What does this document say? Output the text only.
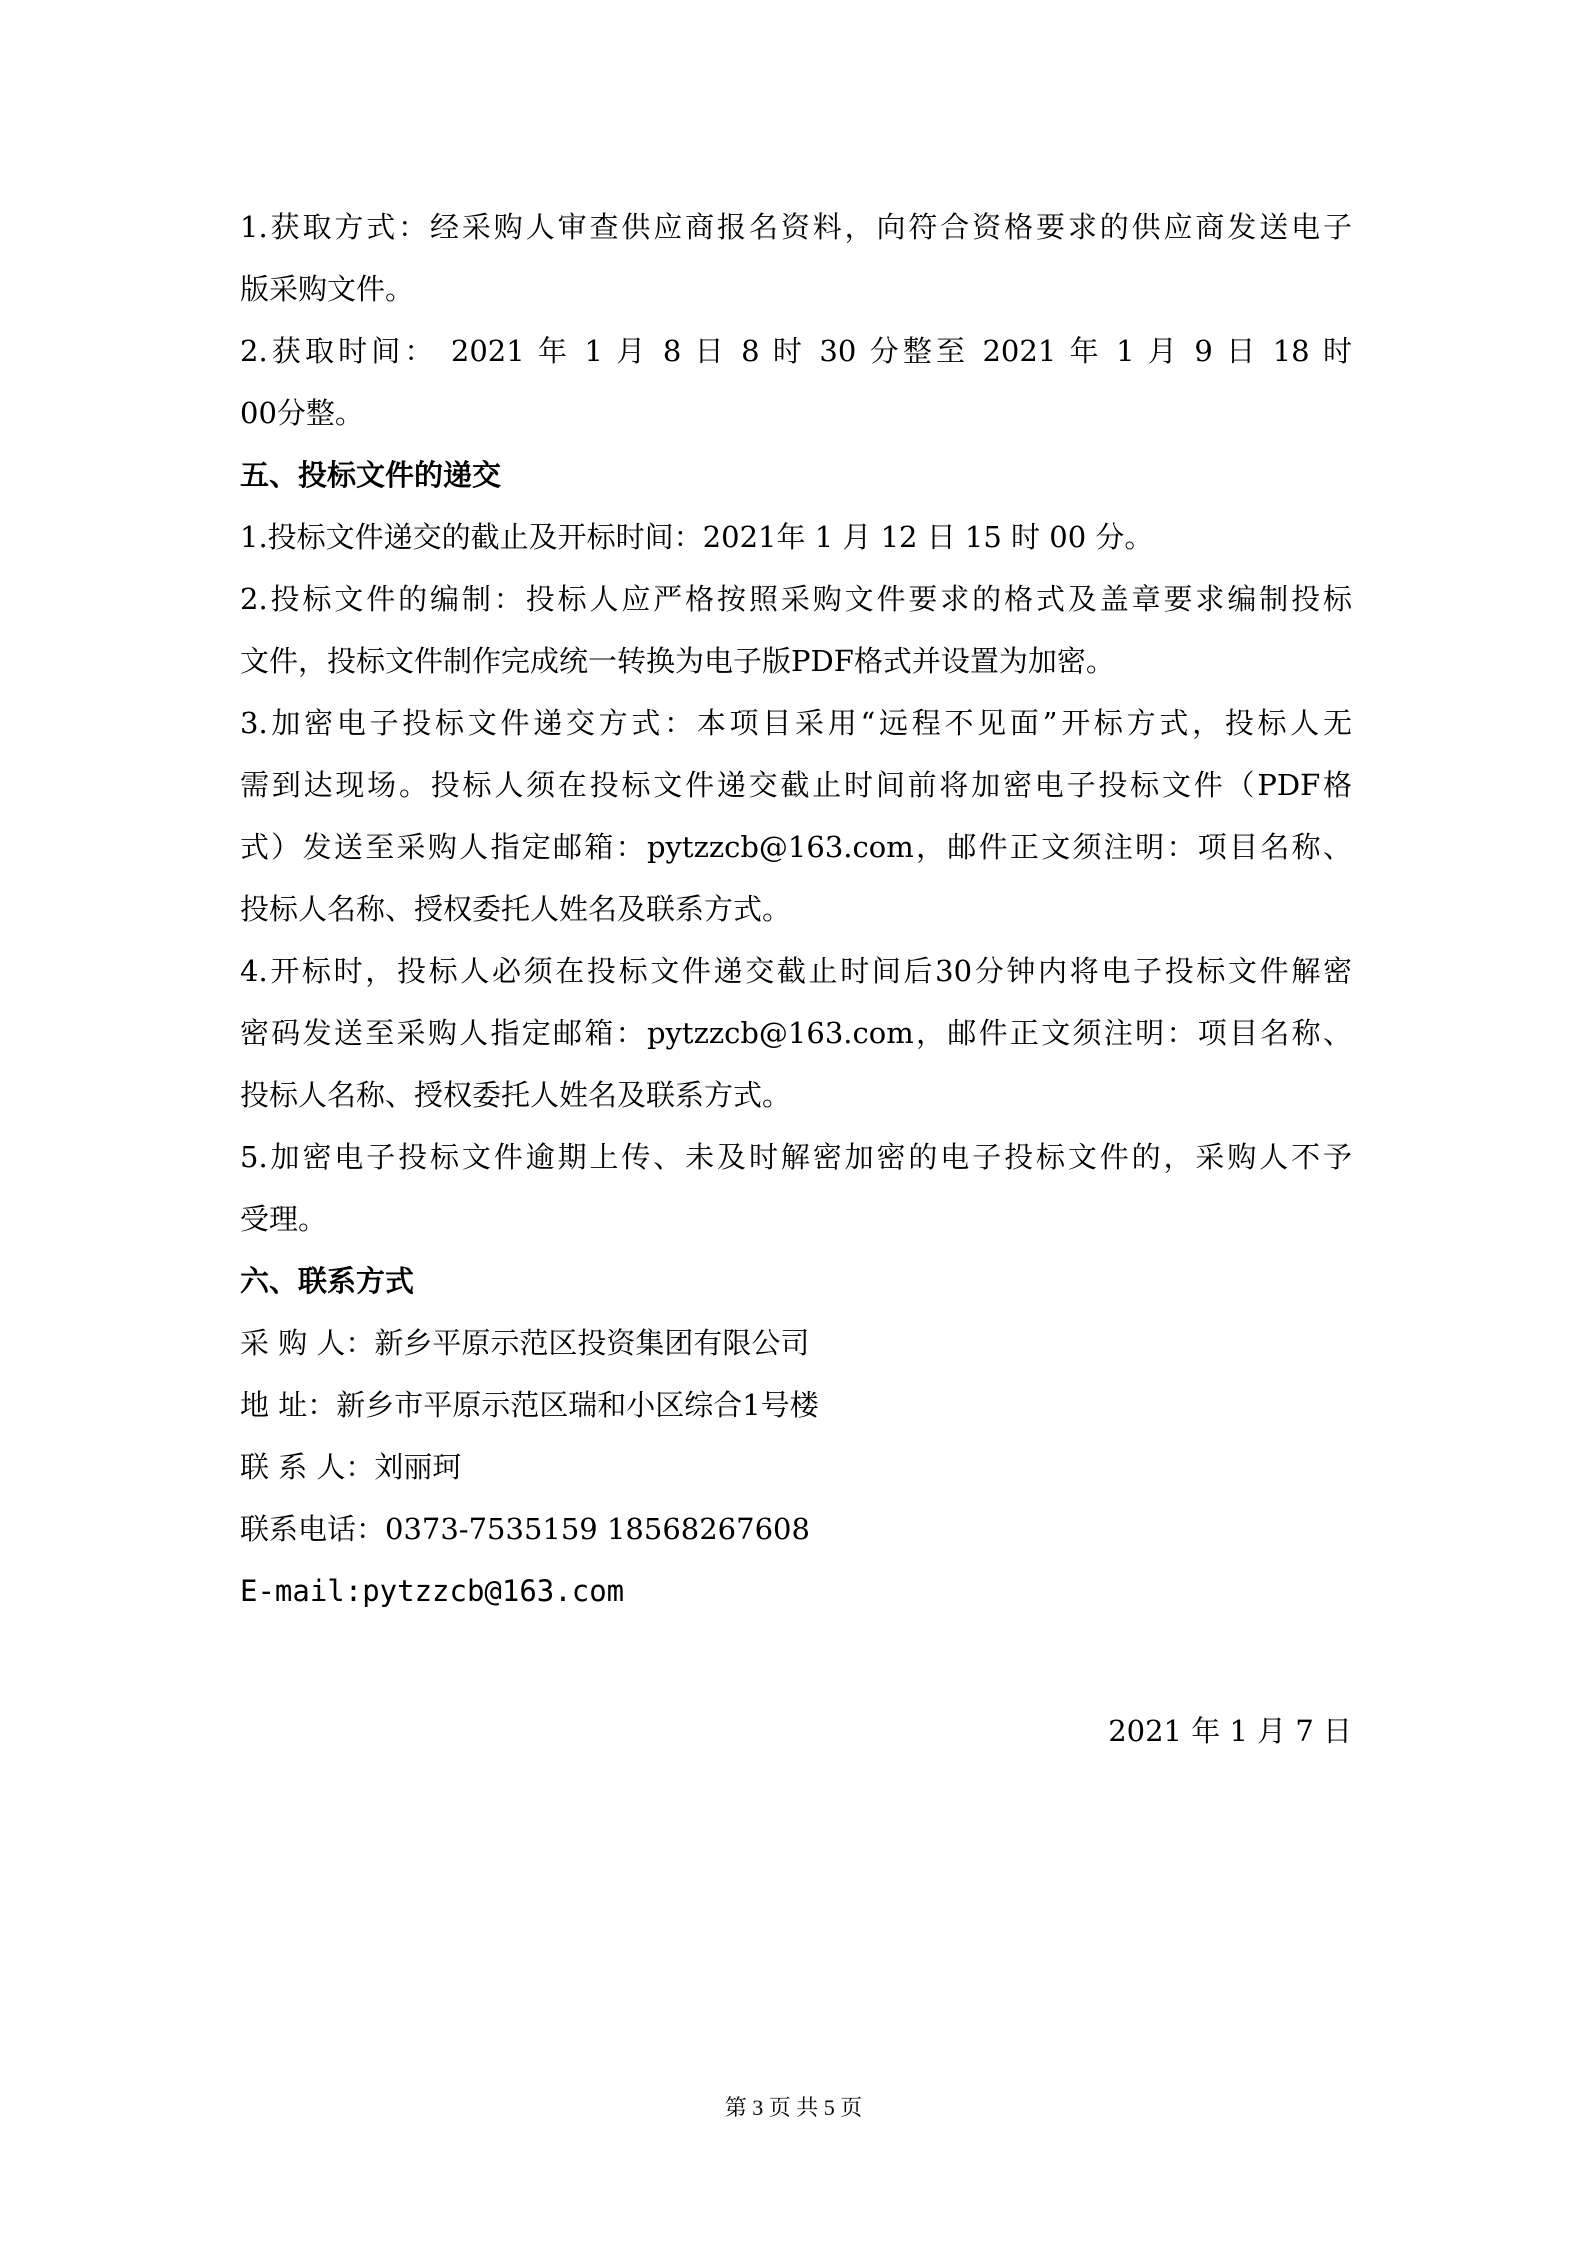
1.获取方式：经采购人审查供应商报名资料，向符合资格要求的供应商发送电子

版采购文件。

2.获取时间： 2021 年 1 月 8 日 8 时 30 分整至 2021 年 1 月 9 日 18 时

00分整。

五、投标文件的递交

1.投标文件递交的截止及开标时间：2021年 1 月 12 日 15 时 00 分。

2.投标文件的编制：投标人应严格按照采购文件要求的格式及盖章要求编制投标

文件，投标文件制作完成统一转换为电子版PDF格式并设置为加密。

3.加密电子投标文件递交方式：本项目采用“远程不见面”开标方式，投标人无

需到达现场。投标人须在投标文件递交截止时间前将加密电子投标文件（PDF格

式）发送至采购人指定邮箱：pytzzcb@163.com，邮件正文须注明：项目名称、

投标人名称、授权委托人姓名及联系方式。

4.开标时，投标人必须在投标文件递交截止时间后30分钟内将电子投标文件解密

密码发送至采购人指定邮箱：pytzzcb@163.com，邮件正文须注明：项目名称、

投标人名称、授权委托人姓名及联系方式。

5.加密电子投标文件逾期上传、未及时解密加密的电子投标文件的，采购人不予

受理。

六、联系方式

采 购 人：新乡平原示范区投资集团有限公司

地 址：新乡市平原示范区瑞和小区综合1号楼

联 系 人：刘丽珂

联系电话：0373-7535159 18568267608

E-mail:pytzzcb@163.com

2021 年 1 月 7 日
第 3 页 共 5 页
